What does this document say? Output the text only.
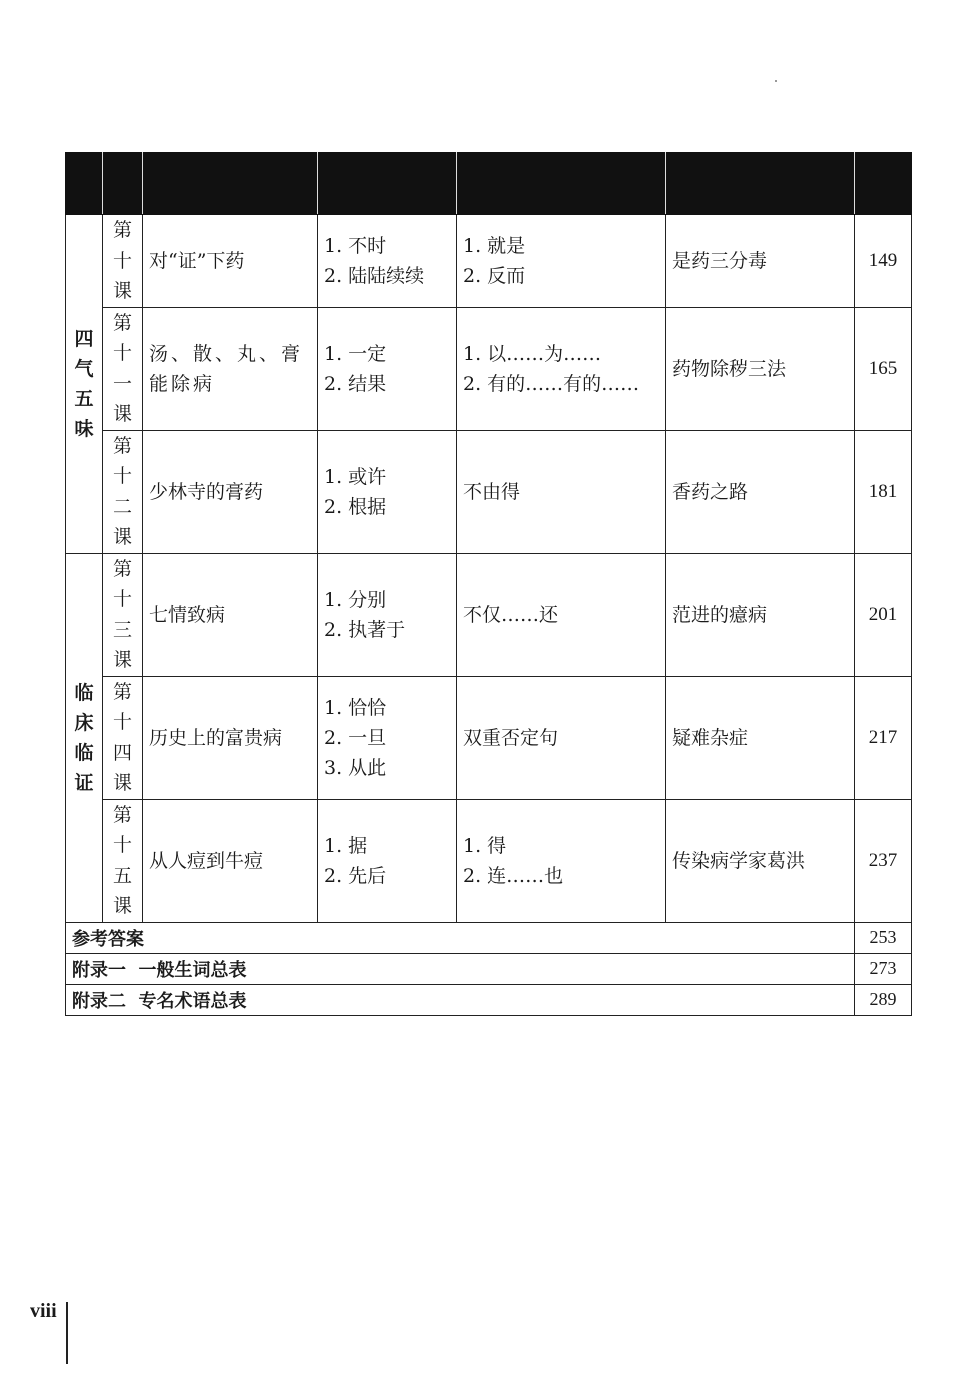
四
气
五
味	第
十
课	对“证”下药	1. 不时
2. 陆陆续续	1. 就是
2. 反而	是药三分毒	149

	第
十
一
课	汤、散、丸、膏能除病	1. 一定
2. 结果	1. 以……为……
2. 有的……有的……	药物除秽三法	165

	第
十
二
课	少林寺的膏药	1. 或许
2. 根据	不由得	香药之路	181

临
床
临
证	第
十
三
课	七情致病	1. 分别
2. 执著于	不仅……还	范进的癔病	201

	第
十
四
课	历史上的富贵病	1. 恰恰
2. 一旦
3. 从此	双重否定句	疑难杂症	217

	第
十
五
课	从人痘到牛痘	1. 据
2. 先后	1. 得
2. 连……也	传染病学家葛洪	237
参考答案						253
附录一  一般生词总表						273
附录二  专名术语总表						289
viii
